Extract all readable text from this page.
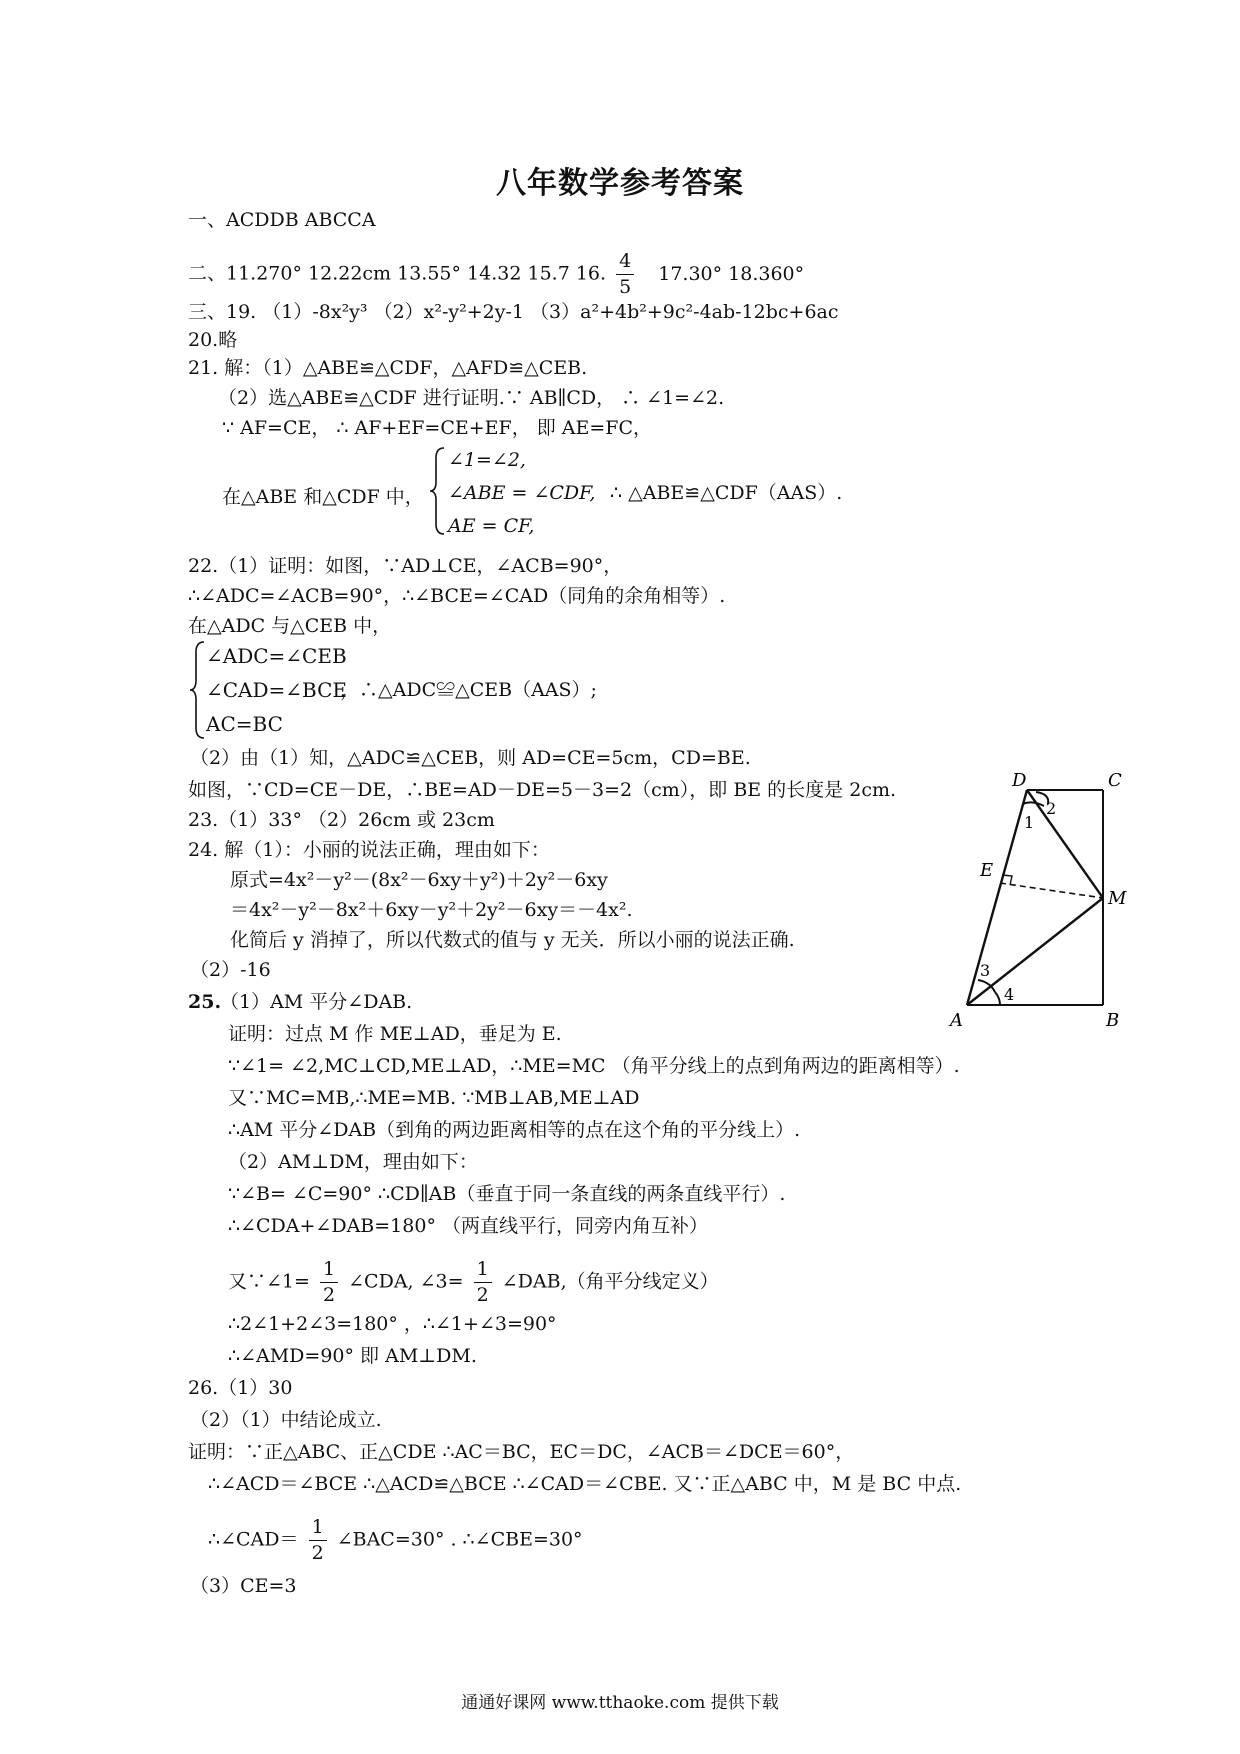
八年数学参考答案
一、ACDDB ABCCA
二、11.270° 12.22cm 13.55° 14.32 15.7 16. $\frac{4}{5} 17.30^\circ$ 18.360°
三、19. （1）-8x²y³ （2）x²-y²+2y-1 （3）a²+4b²+9c²-4ab-12bc+6ac
20.略
21. 解：（1）△ABE≌△CDF，△AFD≌△CEB.
（2）选△ABE≌△CDF 进行证明.∵ AB∥CD， ∴ ∠1=∠2.
∵ AF=CE， ∴ AF+EF=CE+EF， 即 AE=FC，
在△ABE 和△CDF 中，
∠1=∠2,
∠ABE = ∠CDF, ∴ △ABE≌△CDF（AAS）.
AE = CF,
22.（1）证明：如图，∵AD⊥CE，∠ACB=90°，
∴∠ADC=∠ACB=90°，∴∠BCE=∠CAD（同角的余角相等）.
在△ADC 与△CEB 中，
∠ADC=∠CEB
∠CAD=∠BCE
，∴△ADC≌△CEB（AAS）;
AC=BC
（2）由（1）知，△ADC≌△CEB，则 AD=CE=5cm，CD=BE.
如图，∵CD=CE－DE，∴BE=AD－DE=5－3=2（cm），即 BE 的长度是 2cm.
23.（1）33° （2）26cm 或 23cm
24. 解（1）：小丽的说法正确，理由如下：
原式=4x²－y²－(8x²－6xy＋y²)＋2y²－6xy
＝4x²－y²－8x²＋6xy－y²＋2y²－6xy＝－4x².
化简后 y 消掉了，所以代数式的值与 y 无关．所以小丽的说法正确.
（2）-16
25.
（1）AM 平分∠DAB.
证明：过点 M 作 ME⊥AD，垂足为 E.
∵∠1= ∠2,MC⊥CD,ME⊥AD，∴ME=MC （角平分线上的点到角两边的距离相等）.
又∵MC=MB,∴ME=MB. ∵MB⊥AB,ME⊥AD
∴AM 平分∠DAB（到角的两边距离相等的点在这个角的平分线上）.
（2）AM⊥DM，理由如下：
∵∠B= ∠C=90° ∴CD∥AB（垂直于同一条直线的两条直线平行）.
∴∠CDA+∠DAB=180° （两直线平行，同旁内角互补）
又∵∠1= $\frac{1}{2}$ ∠CDA, ∠3= $\frac{1}{2}$ ∠DAB,（角平分线定义）
∴2∠1+2∠3=180° ，∴∠1+∠3=90°
∴∠AMD=90° 即 AM⊥DM.
26.（1）30
（2）（1）中结论成立.
证明：∵正△ABC、正△CDE ∴AC＝BC，EC＝DC，∠ACB＝∠DCE＝60°，
∴∠ACD＝∠BCE ∴△ACD≌△BCE ∴∠CAD＝∠CBE. 又∵正△ABC 中，M 是 BC 中点.
∴∠CAD＝ $\frac{1}{2}$ ∠BAC=30° . ∴∠CBE=30°
（3）CE=3
D	C
E
M
A	B
1
2
3
4
通通好课网 www.tthaoke.com 提供下载
